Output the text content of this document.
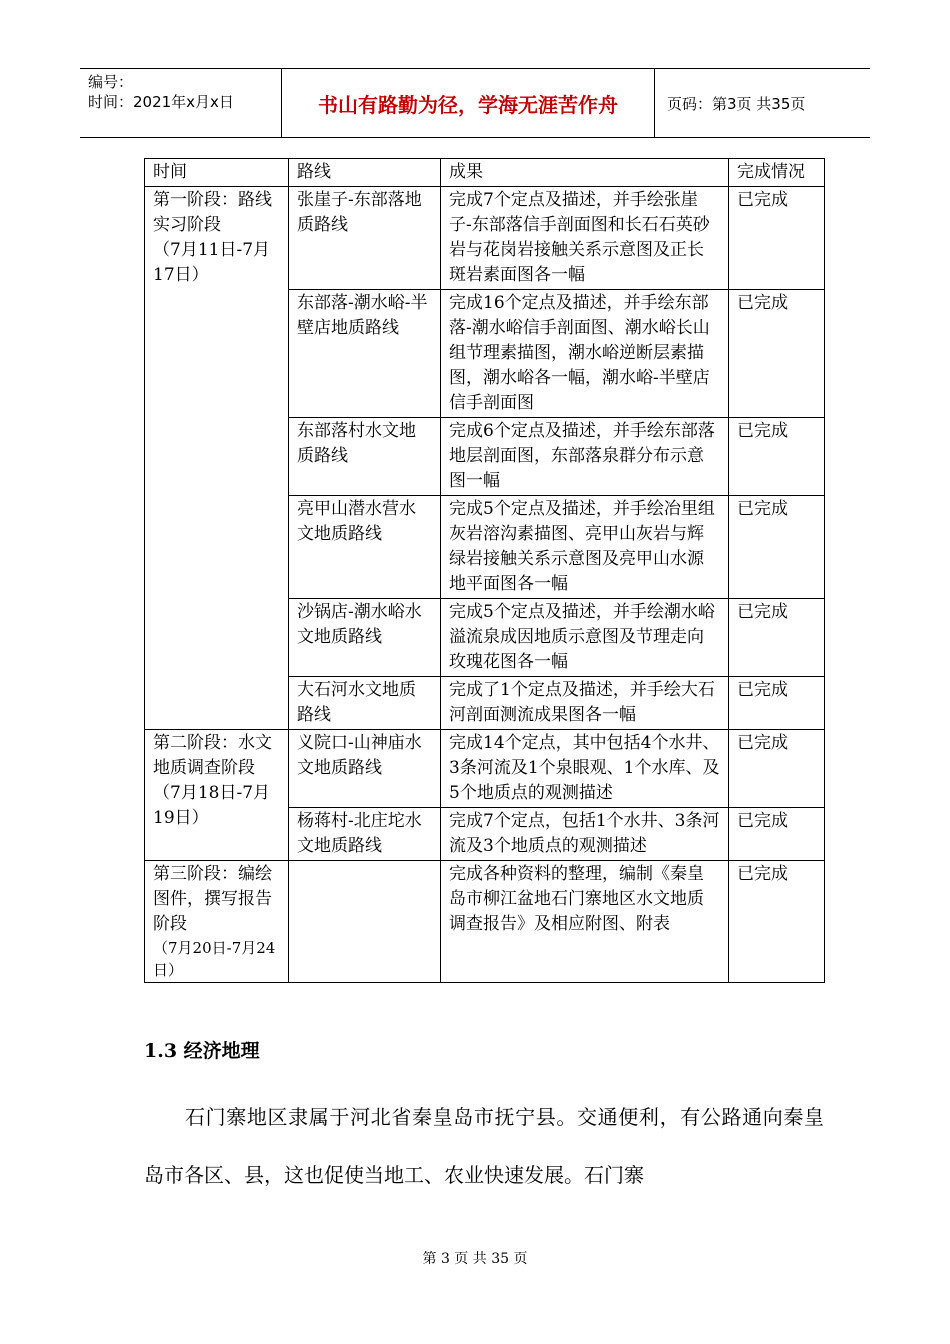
编号：
时间：2021年x月x日	书山有路勤为径，学海无涯苦作舟	页码：第3页 共35页
时间	路线	成果	完成情况

第一阶段：路线实习阶段
（7月11日-7月17日）	张崖子-东部落地质路线	完成7个定点及描述，并手绘张崖子-东部落信手剖面图和长石石英砂岩与花岗岩接触关系示意图及正长斑岩素面图各一幅	已完成
	东部落-潮水峪-半壁店地质路线	完成16个定点及描述，并手绘东部落-潮水峪信手剖面图、潮水峪长山组节理素描图，潮水峪逆断层素描图，潮水峪各一幅，潮水峪-半壁店信手剖面图	已完成
	东部落村水文地质路线	完成6个定点及描述，并手绘东部落地层剖面图，东部落泉群分布示意图一幅	已完成
	亮甲山潜水营水文地质路线	完成5个定点及描述，并手绘冶里组灰岩溶沟素描图、亮甲山灰岩与辉绿岩接触关系示意图及亮甲山水源地平面图各一幅	已完成
	沙锅店-潮水峪水文地质路线	完成5个定点及描述，并手绘潮水峪溢流泉成因地质示意图及节理走向玫瑰花图各一幅	已完成
	大石河水文地质路线	完成了1个定点及描述，并手绘大石河剖面测流成果图各一幅	已完成

第二阶段：水文地质调查阶段
（7月18日-7月19日）	义院口-山神庙水文地质路线	完成14个定点，其中包括4个水井、3条河流及1个泉眼观、1个水库、及5个地质点的观测描述	已完成
	杨蒋村-北庄坨水文地质路线	完成7个定点，包括1个水井、3条河流及3个地质点的观测描述	已完成

第三阶段：编绘图件，撰写报告阶段
（7月20日-7月24日）		完成各种资料的整理，编制《秦皇岛市柳江盆地石门寨地区水文地质调查报告》及相应附图、附表	已完成
1.3 经济地理
石门寨地区隶属于河北省秦皇岛市抚宁县。交通便利，有公路通向秦皇岛市各区、县，这也促使当地工、农业快速发展。石门寨
第 3 页 共 35 页
